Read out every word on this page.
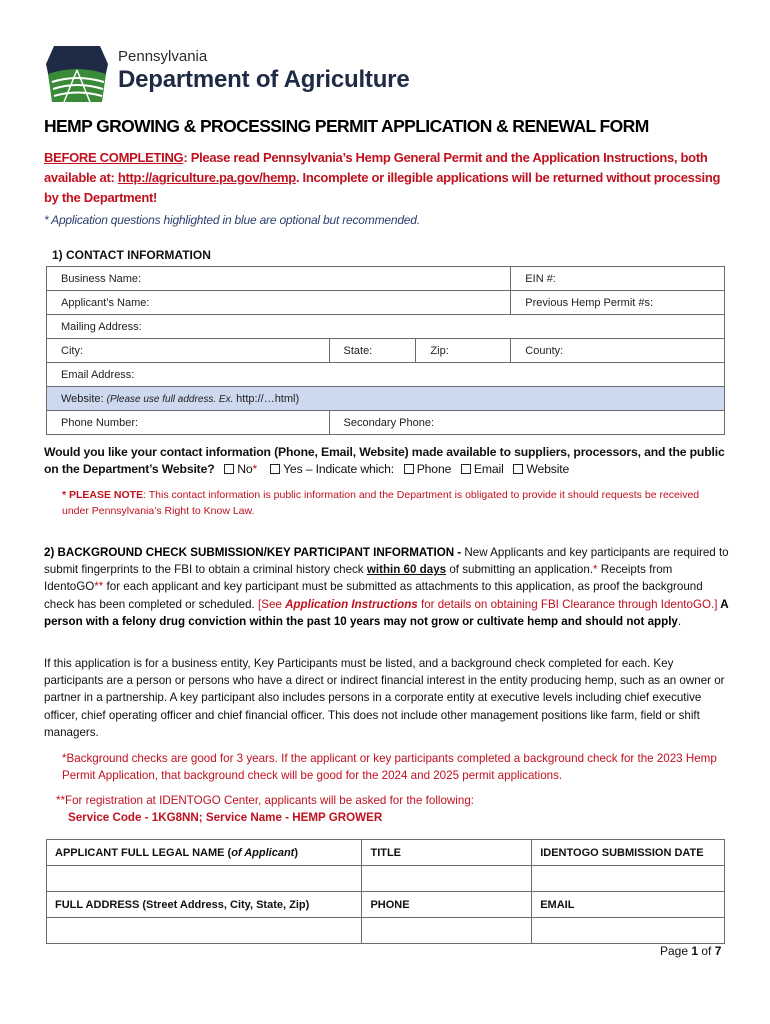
Pennsylvania
Department of Agriculture
HEMP GROWING & PROCESSING PERMIT APPLICATION & RENEWAL FORM
BEFORE COMPLETING: Please read Pennsylvania’s Hemp General Permit and the Application Instructions, both available at: http://agriculture.pa.gov/hemp. Incomplete or illegible applications will be returned without processing by the Department!
* Application questions highlighted in blue are optional but recommended.
1) CONTACT INFORMATION
Business Name:			EIN #:
Applicant’s Name:			Previous Hemp Permit #s:
Mailing Address:			
City:	State:	Zip:	County:
Email Address:			
Website: (Please use full address. Ex. http://…html)			
Phone Number:	Secondary Phone:		
Would you like your contact information (Phone, Email, Website) made available to suppliers, processors, and the public on the Department’s Website? No* Yes – Indicate which: Phone Email Website
* PLEASE NOTE: This contact information is public information and the Department is obligated to provide it should requests be received under Pennsylvania’s Right to Know Law.
2) BACKGROUND CHECK SUBMISSION/KEY PARTICIPANT INFORMATION - New Applicants and key participants are required to submit fingerprints to the FBI to obtain a criminal history check within 60 days of submitting an application.* Receipts from IdentoGO** for each applicant and key participant must be submitted as attachments to this application, as proof the background check has been completed or scheduled. [See Application Instructions for details on obtaining FBI Clearance through IdentoGO.] A person with a felony drug conviction within the past 10 years may not grow or cultivate hemp and should not apply.
If this application is for a business entity, Key Participants must be listed, and a background check completed for each. Key participants are a person or persons who have a direct or indirect financial interest in the entity producing hemp, such as an owner or partner in a partnership. A key participant also includes persons in a corporate entity at executive levels including chief executive officer, chief operating officer and chief financial officer. This does not include other management positions like farm, field or shift managers.
*Background checks are good for 3 years. If the applicant or key participants completed a background check for the 2023 Hemp Permit Application, that background check will be good for the 2024 and 2025 permit applications.
**For registration at IDENTOGO Center, applicants will be asked for the following:
Service Code - 1KG8NN; Service Name - HEMP GROWER
APPLICANT FULL LEGAL NAME (of Applicant)	TITLE	IDENTOGO SUBMISSION DATE

FULL ADDRESS (Street Address, City, State, Zip)	PHONE	EMAIL

Page 1 of 7
